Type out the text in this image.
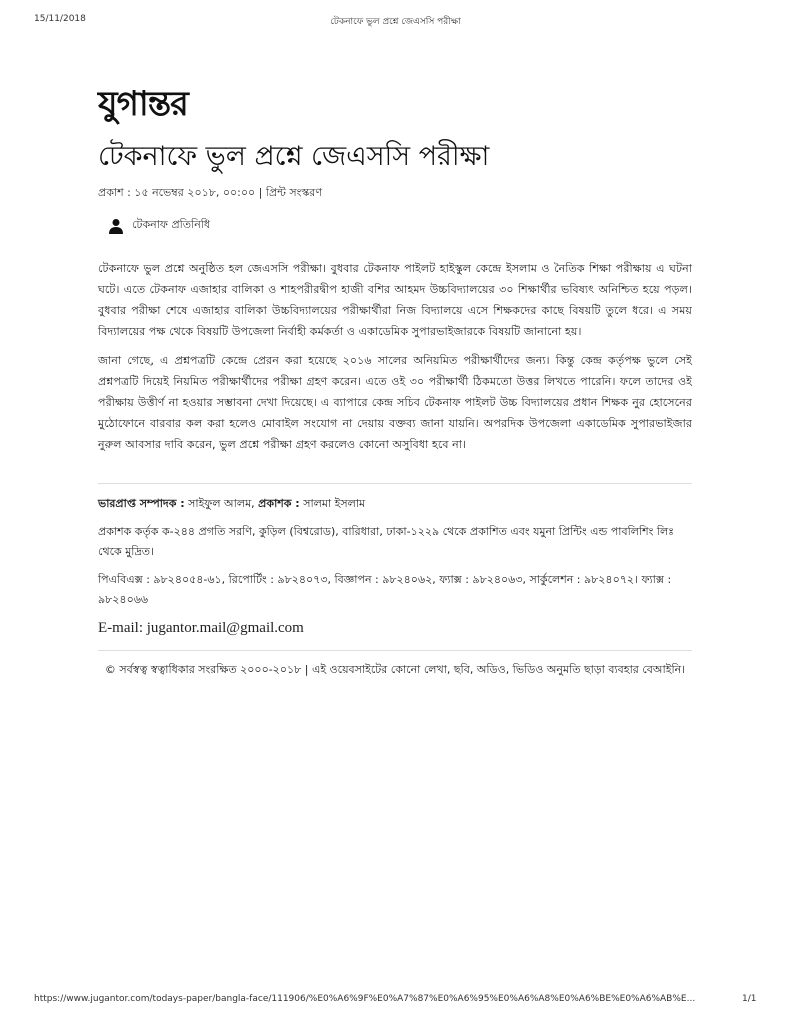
15/11/2018	টেকনাফে ভুল প্রশ্নে জেএসসি পরীক্ষা
যুগান্তর
টেকনাফে ভুল প্রশ্নে জেএসসি পরীক্ষা
প্রকাশ : ১৫ নভেম্বর ২০১৮, ০০:০০ | প্রিন্ট সংস্করণ
টেকনাফ প্রতিনিধি

টেকনাফে ভুল প্রশ্নে অনুষ্ঠিত হল জেএসসি পরীক্ষা। বুধবার টেকনাফ পাইলট হাইস্কুল কেন্দ্রে ইসলাম ও নৈতিক শিক্ষা পরীক্ষায় এ ঘটনা ঘটে। এতে টেকনাফ এজাহার বালিকা ও শাহপরীরদ্বীপ হাজী বশির আহমদ উচ্চবিদ্যালয়ের ৩০ শিক্ষার্থীর ভবিষ্যৎ অনিশ্চিত হয়ে পড়ল। বুধবার পরীক্ষা শেষে এজাহার বালিকা উচ্চবিদ্যালয়ের পরীক্ষার্থীরা নিজ বিদ্যালয়ে এসে শিক্ষকদের কাছে বিষয়টি তুলে ধরে। এ সময় বিদ্যালয়ের পক্ষ থেকে বিষয়টি উপজেলা নির্বাহী কর্মকর্তা ও একাডেমিক সুপারভাইজারকে বিষয়টি জানানো হয়।

জানা গেছে, এ প্রশ্নপত্রটি কেন্দ্রে প্রেরন করা হয়েছে ২০১৬ সালের অনিয়মিত পরীক্ষার্থীদের জন্য। কিন্তু কেন্দ্র কর্তৃপক্ষ ভুলে সেই প্রশ্নপত্রটি দিয়েই নিয়মিত পরীক্ষার্থীদের পরীক্ষা গ্রহণ করেন। এতে ওই ৩০ পরীক্ষার্থী ঠিকমতো উত্তর লিখতে পারেনি। ফলে তাদের ওই পরীক্ষায় উত্তীর্ণ না হওয়ার সম্ভাবনা দেখা দিয়েছে। এ ব্যাপারে কেন্দ্র সচিব টেকনাফ পাইলট উচ্চ বিদ্যালয়ের প্রধান শিক্ষক নুর হোসেনের মুঠোফোনে বারবার কল করা হলেও মোবাইল সংযোগ না দেয়ায় বক্তব্য জানা যায়নি। অপরদিক উপজেলা একাডেমিক সুপারভাইজার নুরুল আবসার দাবি করেন, ভুল প্রশ্নে পরীক্ষা গ্রহণ করলেও কোনো অসুবিধা হবে না।

ভারপ্রাপ্ত সম্পাদক : সাইফুল আলম, প্রকাশক : সালমা ইসলাম

প্রকাশক কর্তৃক ক-২৪৪ প্রগতি সরণি, কুড়িল (বিশ্বরোড), বারিধারা, ঢাকা-১২২৯ থেকে প্রকাশিত এবং যমুনা প্রিন্টিং এন্ড পাবলিশিং লিঃ থেকে মুদ্রিত।

পিএবিএক্স : ৯৮২৪০৫৪-৬১, রিপোর্টিং : ৯৮২৪০৭৩, বিজ্ঞাপন : ৯৮২৪০৬২, ফ্যাক্স : ৯৮২৪০৬৩, সার্কুলেশন : ৯৮২৪০৭২। ফ্যাক্স : ৯৮২৪০৬৬

E-mail: jugantor.mail@gmail.com

© সর্বস্বত্ব স্বত্বাধিকার সংরক্ষিত ২০০০-২০১৮ | এই ওয়েবসাইটের কোনো লেখা, ছবি, অডিও, ভিডিও অনুমতি ছাড়া ব্যবহার বেআইনি।
https://www.jugantor.com/todays-paper/bangla-face/111906/%E0%A6%9F%E0%A7%87%E0%A6%95%E0%A6%A8%E0%A6%BE%E0%A6%AB%E...	1/1
